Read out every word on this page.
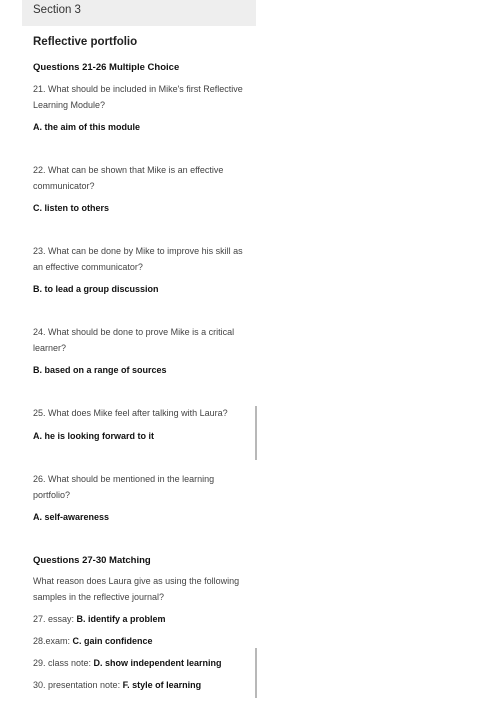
Section 3
Reflective portfolio
Questions 21-26 Multiple Choice
21. What should be included in Mike's first Reflective Learning Module?
A. the aim of this module
22. What can be shown that Mike is an effective communicator?
C. listen to others
23. What can be done by Mike to improve his skill as an effective communicator?
B. to lead a group discussion
24. What should be done to prove Mike is a critical learner?
B. based on a range of sources
25. What does Mike feel after talking with Laura?
A. he is looking forward to it
26. What should be mentioned in the learning portfolio?
A. self-awareness
Questions 27-30 Matching
What reason does Laura give as using the following samples in the reflective journal?
27. essay: B. identify a problem
28.exam: C. gain confidence
29. class note: D. show independent learning
30. presentation note: F. style of learning
